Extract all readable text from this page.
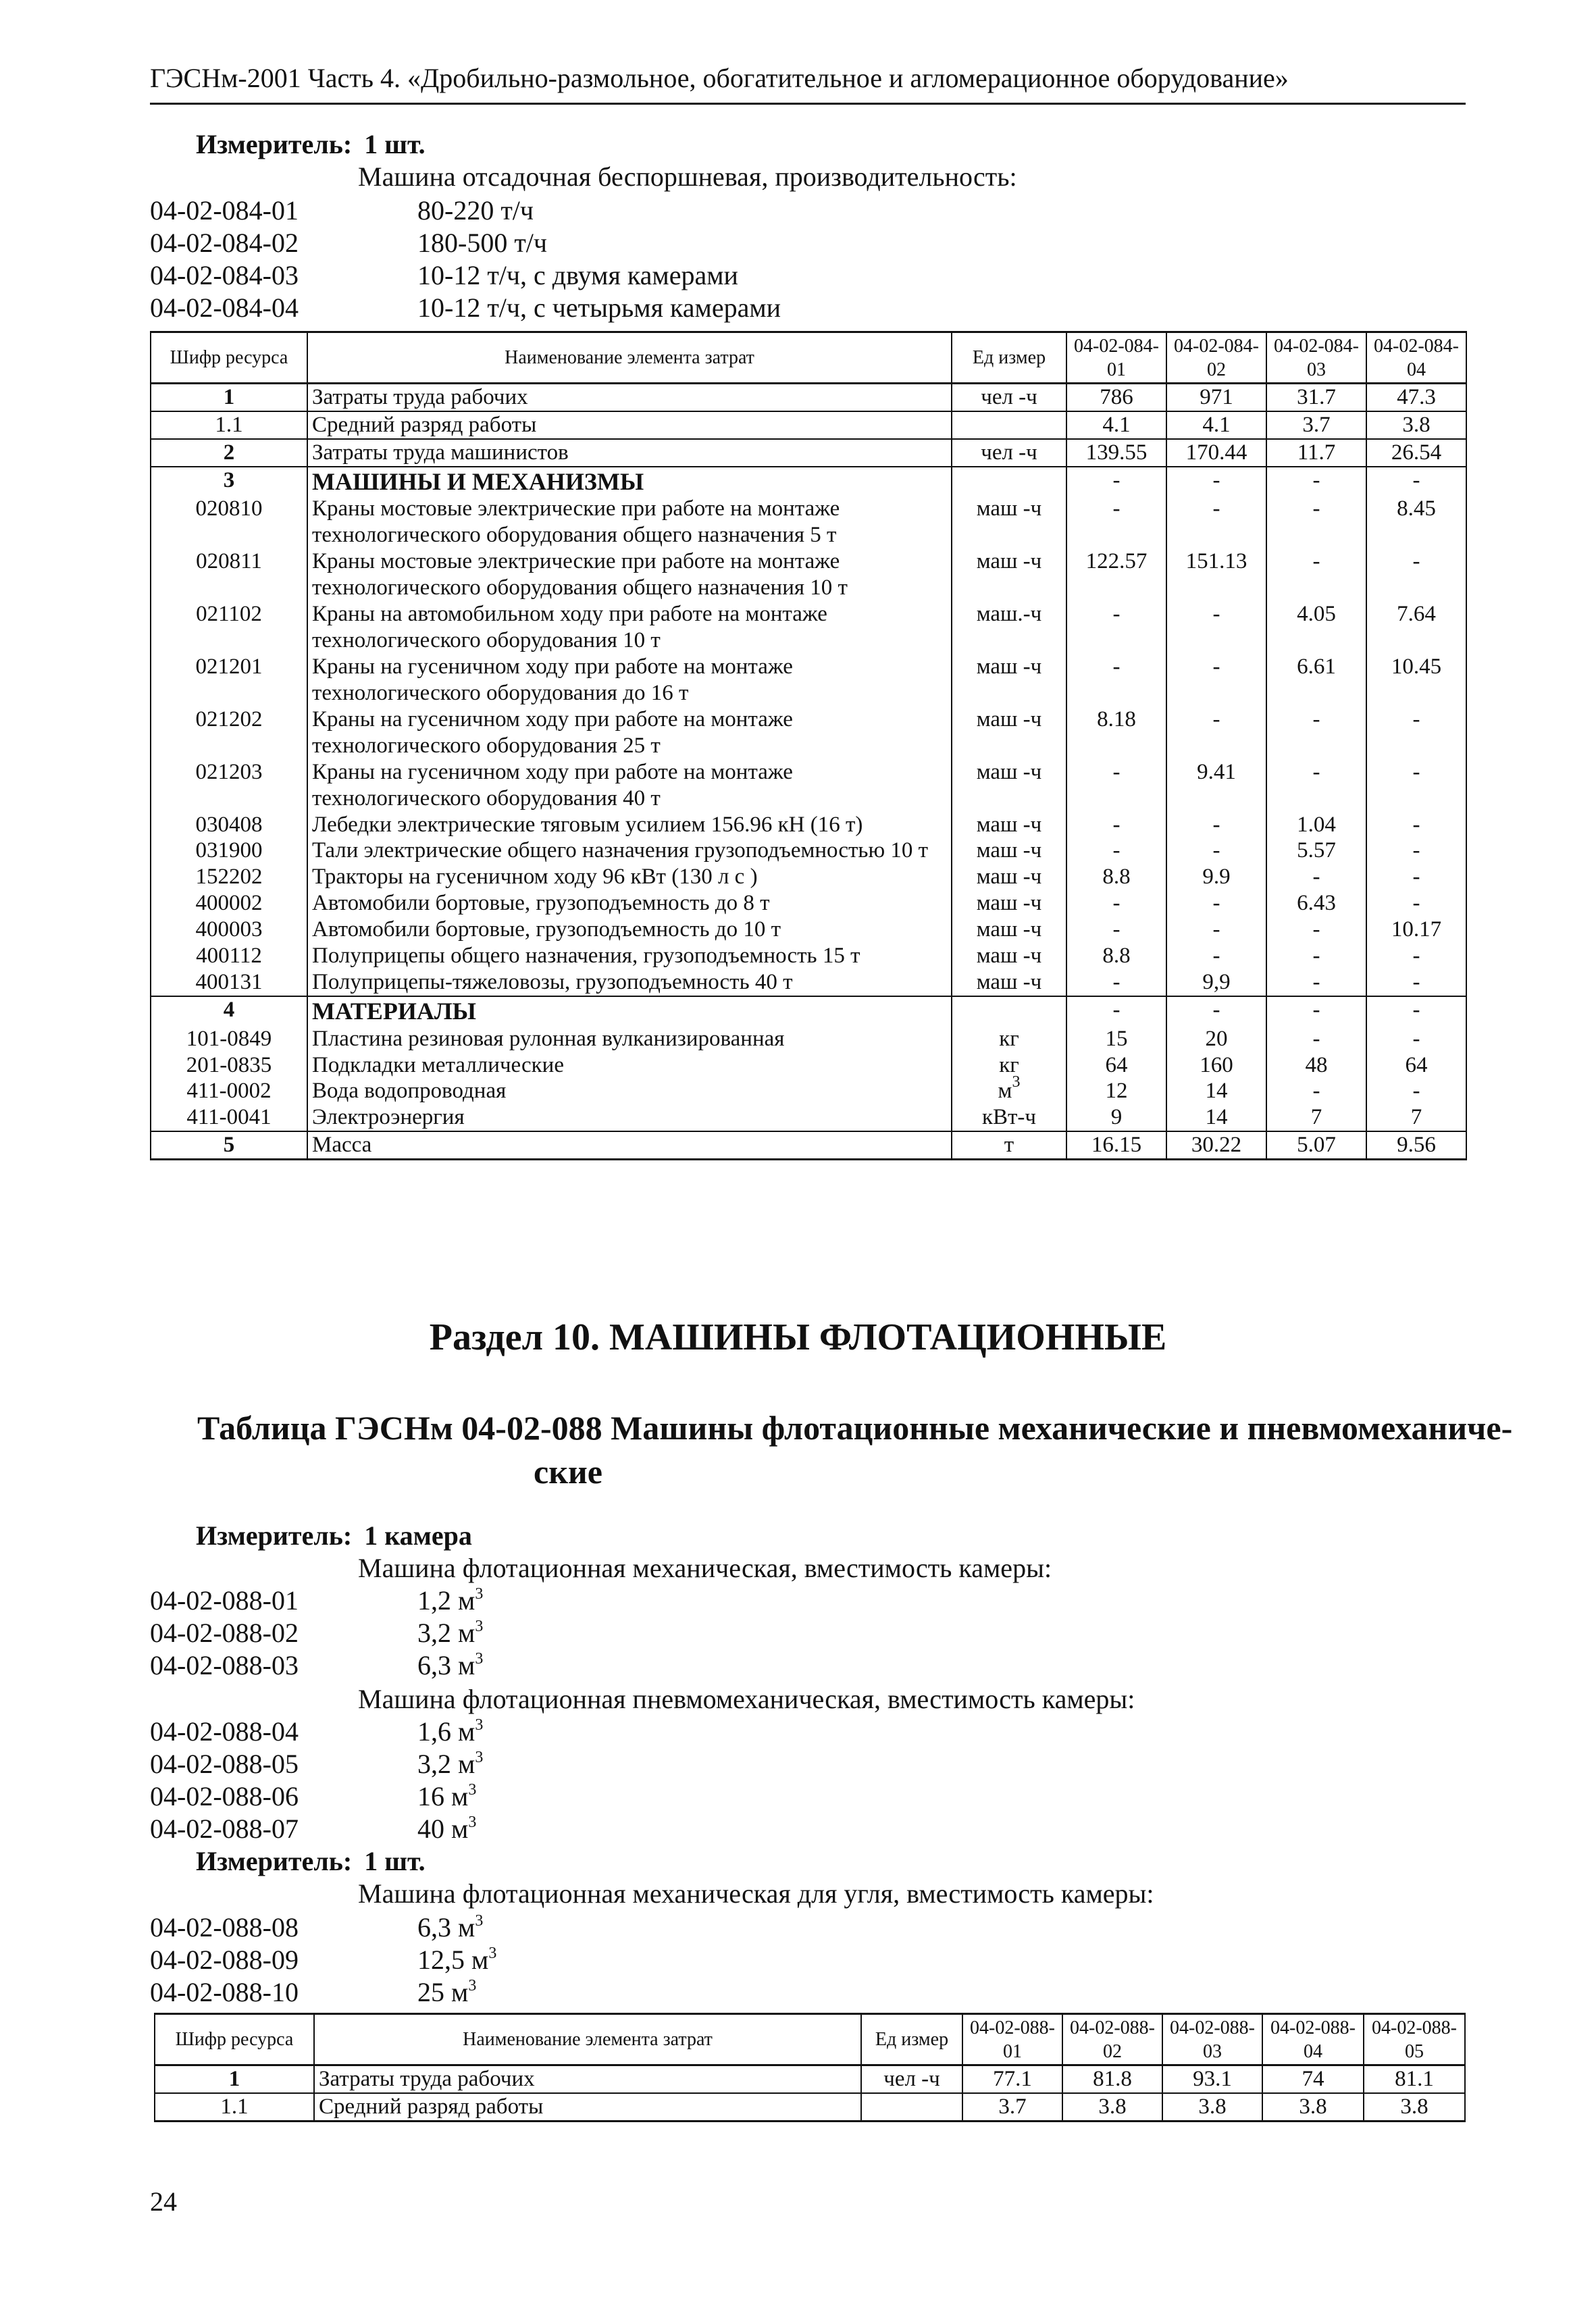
ГЭСНм-2001 Часть 4. «Дробильно-размольное, обогатительное и агломерационное оборудование»
Измеритель: 1 шт.
Машина отсадочная беспоршневая, производительность:
04-02-084-01	80-220 т/ч
04-02-084-02	180-500 т/ч
04-02-084-03	10-12 т/ч, с двумя камерами
04-02-084-04	10-12 т/ч, с четырьмя камерами
Шифр ресурса	Наименование элемента затрат	Ед измер	04-02-084-01	04-02-084-02	04-02-084-03	04-02-084-04
1	Затраты труда рабочих	чел -ч	786	971	31.7	47.3
1.1	Средний разряд работы		4.1	4.1	3.7	3.8
2	Затраты труда машинистов	чел -ч	139.55	170.44	11.7	26.54
3	МАШИНЫ И МЕХАНИЗМЫ		-	-	-	-
020810	Краны мостовые электрические при работе на монтаже технологического оборудования общего назначения 5 т	маш -ч	-	-	-	8.45
020811	Краны мостовые электрические при работе на монтаже технологического оборудования общего назначения 10 т	маш -ч	122.57	151.13	-	-
021102	Краны на автомобильном ходу при работе на монтаже технологического оборудования 10 т	маш.-ч	-	-	4.05	7.64
021201	Краны на гусеничном ходу при работе на монтаже технологического оборудования до 16 т	маш -ч	-	-	6.61	10.45
021202	Краны на гусеничном ходу при работе на монтаже технологического оборудования 25 т	маш -ч	8.18	-	-	-
021203	Краны на гусеничном ходу при работе на монтаже технологического оборудования 40 т	маш -ч	-	9.41	-	-
030408	Лебедки электрические тяговым усилием 156.96 кН (16 т)	маш -ч	-	-	1.04	-
031900	Тали электрические общего назначения грузоподъемностью 10 т	маш -ч	-	-	5.57	-
152202	Тракторы на гусеничном ходу 96 кВт (130 л с )	маш -ч	8.8	9.9	-	-
400002	Автомобили бортовые, грузоподъемность до 8 т	маш -ч	-	-	6.43	-
400003	Автомобили бортовые, грузоподъемность до 10 т	маш -ч	-	-	-	10.17
400112	Полуприцепы общего назначения, грузоподъемность 15 т	маш -ч	8.8	-	-	-
400131	Полуприцепы-тяжеловозы, грузоподъемность 40 т	маш -ч	-	9,9	-	-
4	МАТЕРИАЛЫ		-	-	-	-
101-0849	Пластина резиновая рулонная вулканизированная	кг	15	20	-	-
201-0835	Подкладки металлические	кг	64	160	48	64
411-0002	Вода водопроводная	$м^3$	12	14	-	-
411-0041	Электроэнергия	кВт-ч	9	14	7	7
5	Масса	т	16.15	30.22	5.07	9.56
Раздел 10. МАШИНЫ ФЛОТАЦИОННЫЕ
Таблица ГЭСНм 04-02-088 Машины флотационные механические и пневмомеханиче-
ские
Измеритель: 1 камера
Машина флотационная механическая, вместимость камеры:
04-02-088-01	1,2 $м^3$
04-02-088-02	3,2 $м^3$
04-02-088-03	6,3 $м^3$
Машина флотационная пневмомеханическая, вместимость камеры:
04-02-088-04	1,6 $м^3$
04-02-088-05	3,2 $м^3$
04-02-088-06	16 $м^3$
04-02-088-07	40 $м^3$
Измеритель: 1 шт.
Машина флотационная механическая для угля, вместимость камеры:
04-02-088-08	6,3 $м^3$
04-02-088-09	12,5 $м^3$
04-02-088-10	25 $м^3$
Шифр ресурса	Наименование элемента затрат	Ед измер	04-02-088-01	04-02-088-02	04-02-088-03	04-02-088-04	04-02-088-05
1	Затраты труда рабочих	чел -ч	77.1	81.8	93.1	74	81.1
1.1	Средний разряд работы		3.7	3.8	3.8	3.8	3.8
24
